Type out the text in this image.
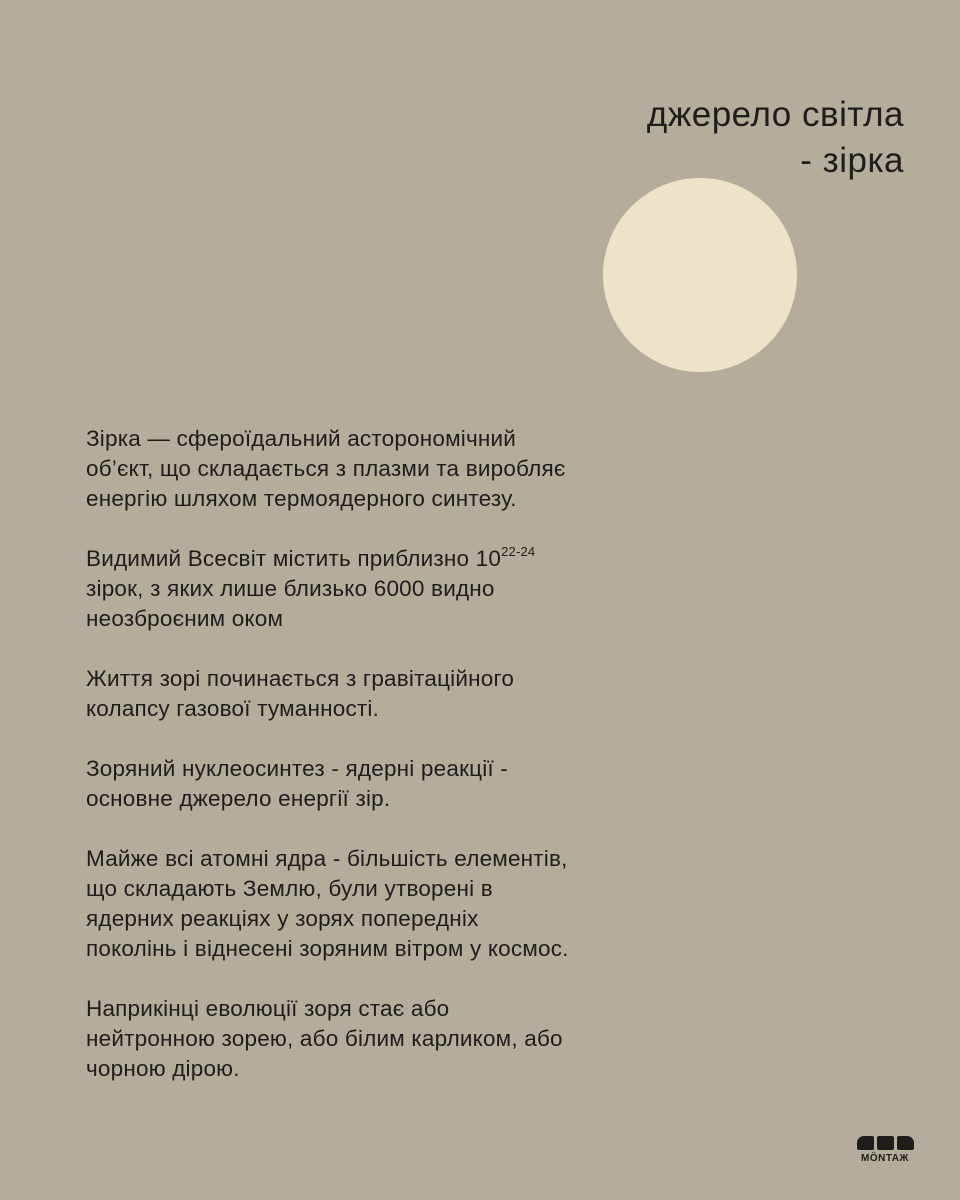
джерело світла
- зірка
Зірка — сфероїдальний асторономічний
об’єкт, що складається з плазми та виробляє
енергію шляхом термоядерного синтезу.
Видимий Всесвіт містить приблизно 10$^{22-24}$
зірок, з яких лише близько 6000 видно
неозброєним оком
Життя зорі починається з гравітаційного
колапсу газової туманності.
Зоряний нуклеосинтез - ядерні реакції -
основне джерело енергії зір.
Майже всі атомні ядра - більшість елементів,
що складають Землю, були утворені в
ядерних реакціях у зорях попередніх
поколінь і віднесені зоряним вітром у космос.
Наприкінці еволюції зоря стає або
нейтронною зорею, або білим карликом, або
чорною дірою.
MÖNTAЖ
